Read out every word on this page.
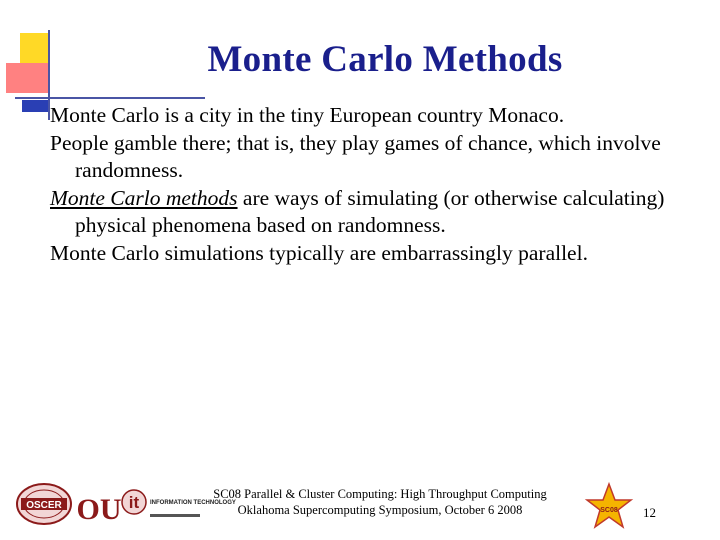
Monte Carlo Methods

Monte Carlo is a city in the tiny European country Monaco.

People gamble there; that is, they play games of chance, which involve randomness.

Monte Carlo methods are ways of simulating (or otherwise calculating) physical phenomena based on randomness.

Monte Carlo simulations typically are embarrassingly parallel.

OSCER OU it INFORMATION TECHNOLOGY
SC08 Parallel & Cluster Computing: High Throughput Computing
Oklahoma Supercomputing Symposium, October 6 2008	SC08 12
